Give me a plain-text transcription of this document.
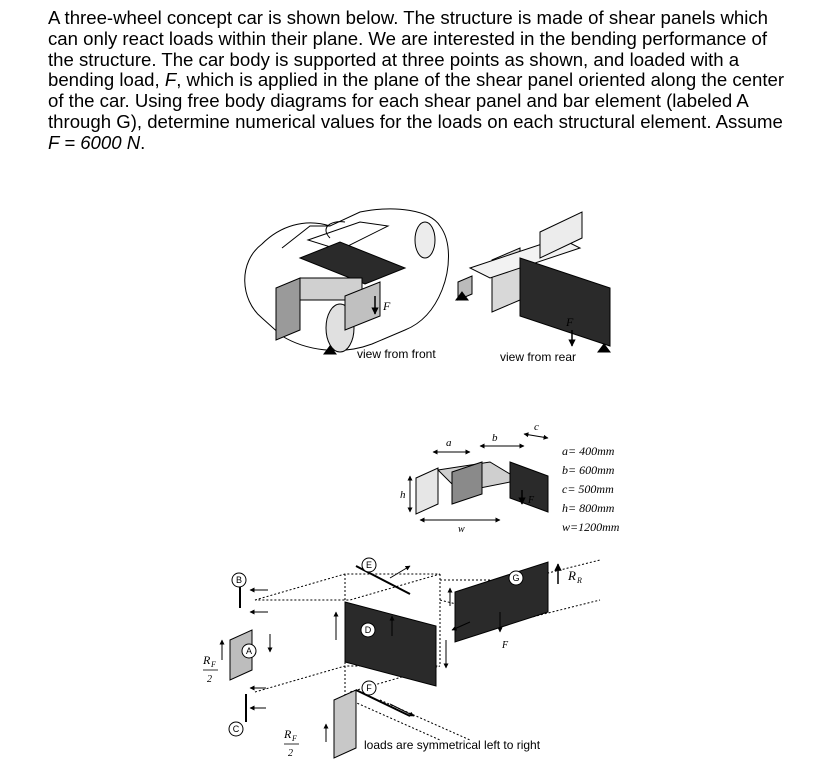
A three-wheel concept car is shown below. The structure is made of shear panels which can only react loads within their plane. We are interested in the bending performance of the structure. The car body is supported at three points as shown, and loaded with a bending load, F, which is applied in the plane of the shear panel oriented along the center of the car. Using free body diagrams for each shear panel and bar element (labeled A through G), determine numerical values for the loads on each structural element. Assume F = 6000 N.

F
view from front
F
view from rear
a	b
c
h
w
F
a= 400mm
b= 600mm
c= 500mm
h= 800mm
w=1200mm
B
A
C
E
D
F
G
F
R R
R F
2
R F
2
loads are symmetrical left to right
